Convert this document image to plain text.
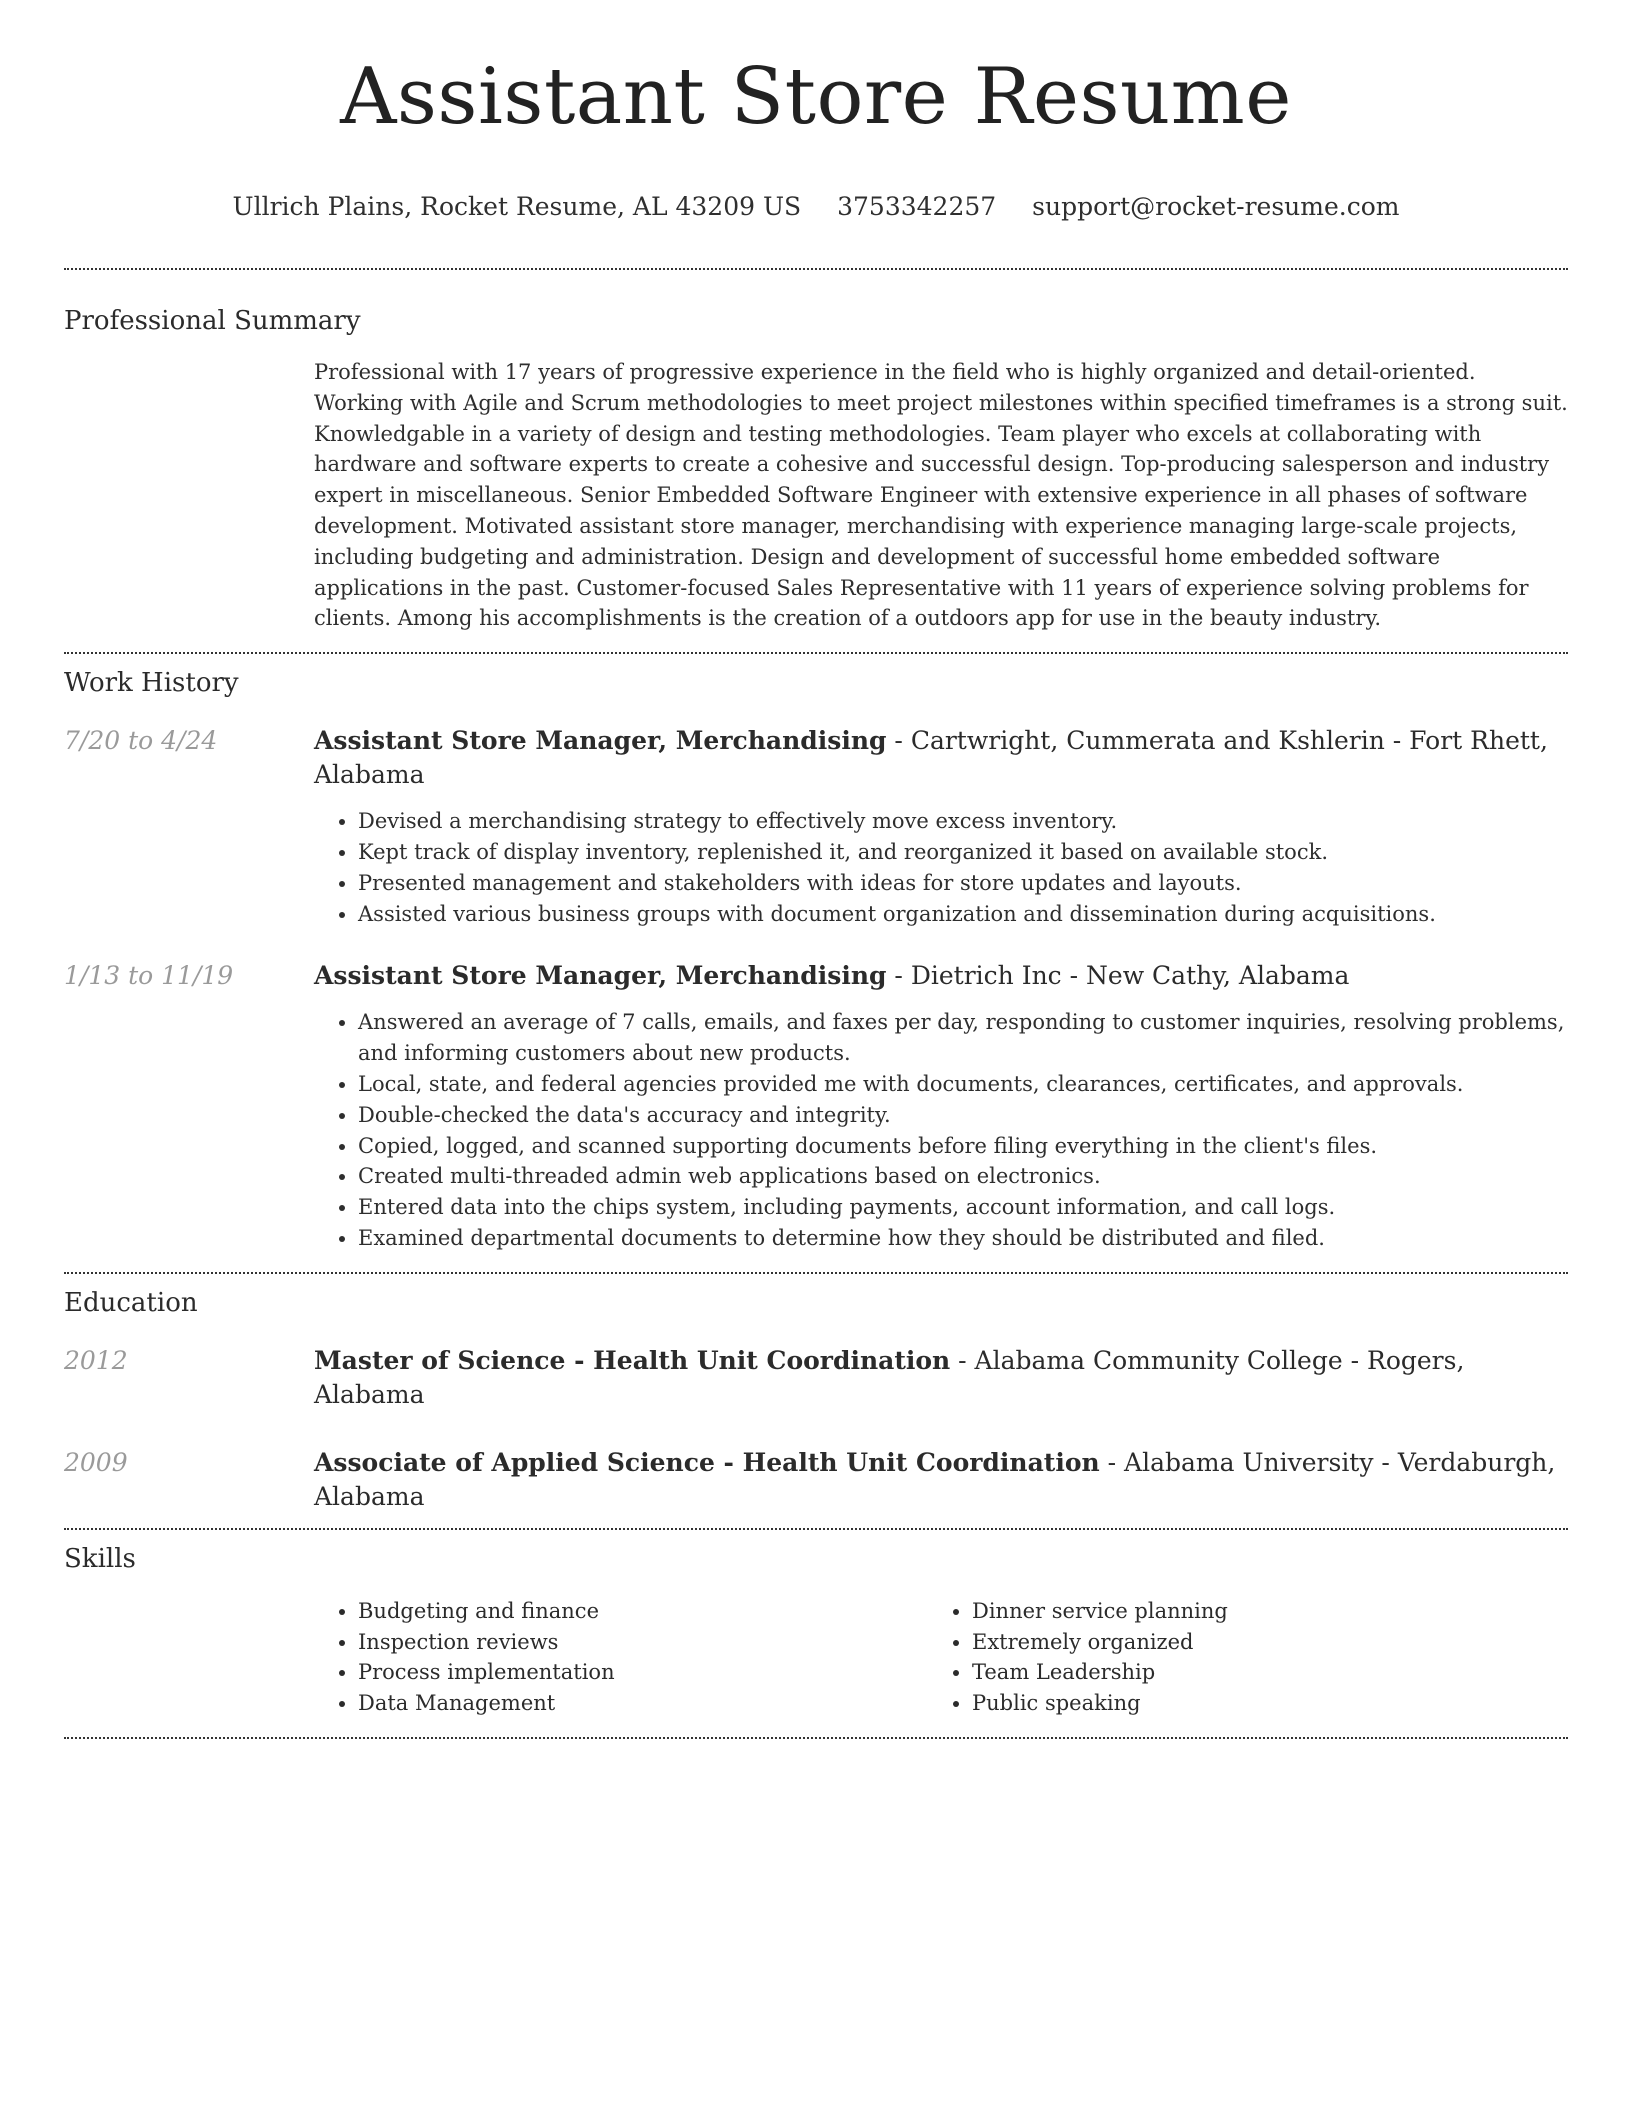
Assistant Store Resume
Ullrich Plains, Rocket Resume, AL 43209 US 3753342257 support@rocket-resume.com
Professional Summary
Professional with 17 years of progressive experience in the field who is highly organized and detail-oriented. Working with Agile and Scrum methodologies to meet project milestones within specified timeframes is a strong suit. Knowledgable in a variety of design and testing methodologies. Team player who excels at collaborating with hardware and software experts to create a cohesive and successful design. Top-producing salesperson and industry expert in miscellaneous. Senior Embedded Software Engineer with extensive experience in all phases of software development. Motivated assistant store manager, merchandising with experience managing large-scale projects, including budgeting and administration. Design and development of successful home embedded software applications in the past. Customer-focused Sales Representative with 11 years of experience solving problems for clients. Among his accomplishments is the creation of a outdoors app for use in the beauty industry.
Work History
7/20 to 4/24	Assistant Store Manager, Merchandising - Cartwright, Cummerata and Kshlerin - Fort Rhett, Alabama
• Devised a merchandising strategy to effectively move excess inventory.
• Kept track of display inventory, replenished it, and reorganized it based on available stock.
• Presented management and stakeholders with ideas for store updates and layouts.
• Assisted various business groups with document organization and dissemination during acquisitions.
1/13 to 11/19	Assistant Store Manager, Merchandising - Dietrich Inc - New Cathy, Alabama
• Answered an average of 7 calls, emails, and faxes per day, responding to customer inquiries, resolving problems, and informing customers about new products.
• Local, state, and federal agencies provided me with documents, clearances, certificates, and approvals.
• Double-checked the data's accuracy and integrity.
• Copied, logged, and scanned supporting documents before filing everything in the client's files.
• Created multi-threaded admin web applications based on electronics.
• Entered data into the chips system, including payments, account information, and call logs.
• Examined departmental documents to determine how they should be distributed and filed.
Education
2012	Master of Science - Health Unit Coordination - Alabama Community College - Rogers, Alabama
2009	Associate of Applied Science - Health Unit Coordination - Alabama University - Verdaburgh, Alabama
Skills
• Budgeting and finance
• Inspection reviews
• Process implementation
• Data Management
• Dinner service planning
• Extremely organized
• Team Leadership
• Public speaking
